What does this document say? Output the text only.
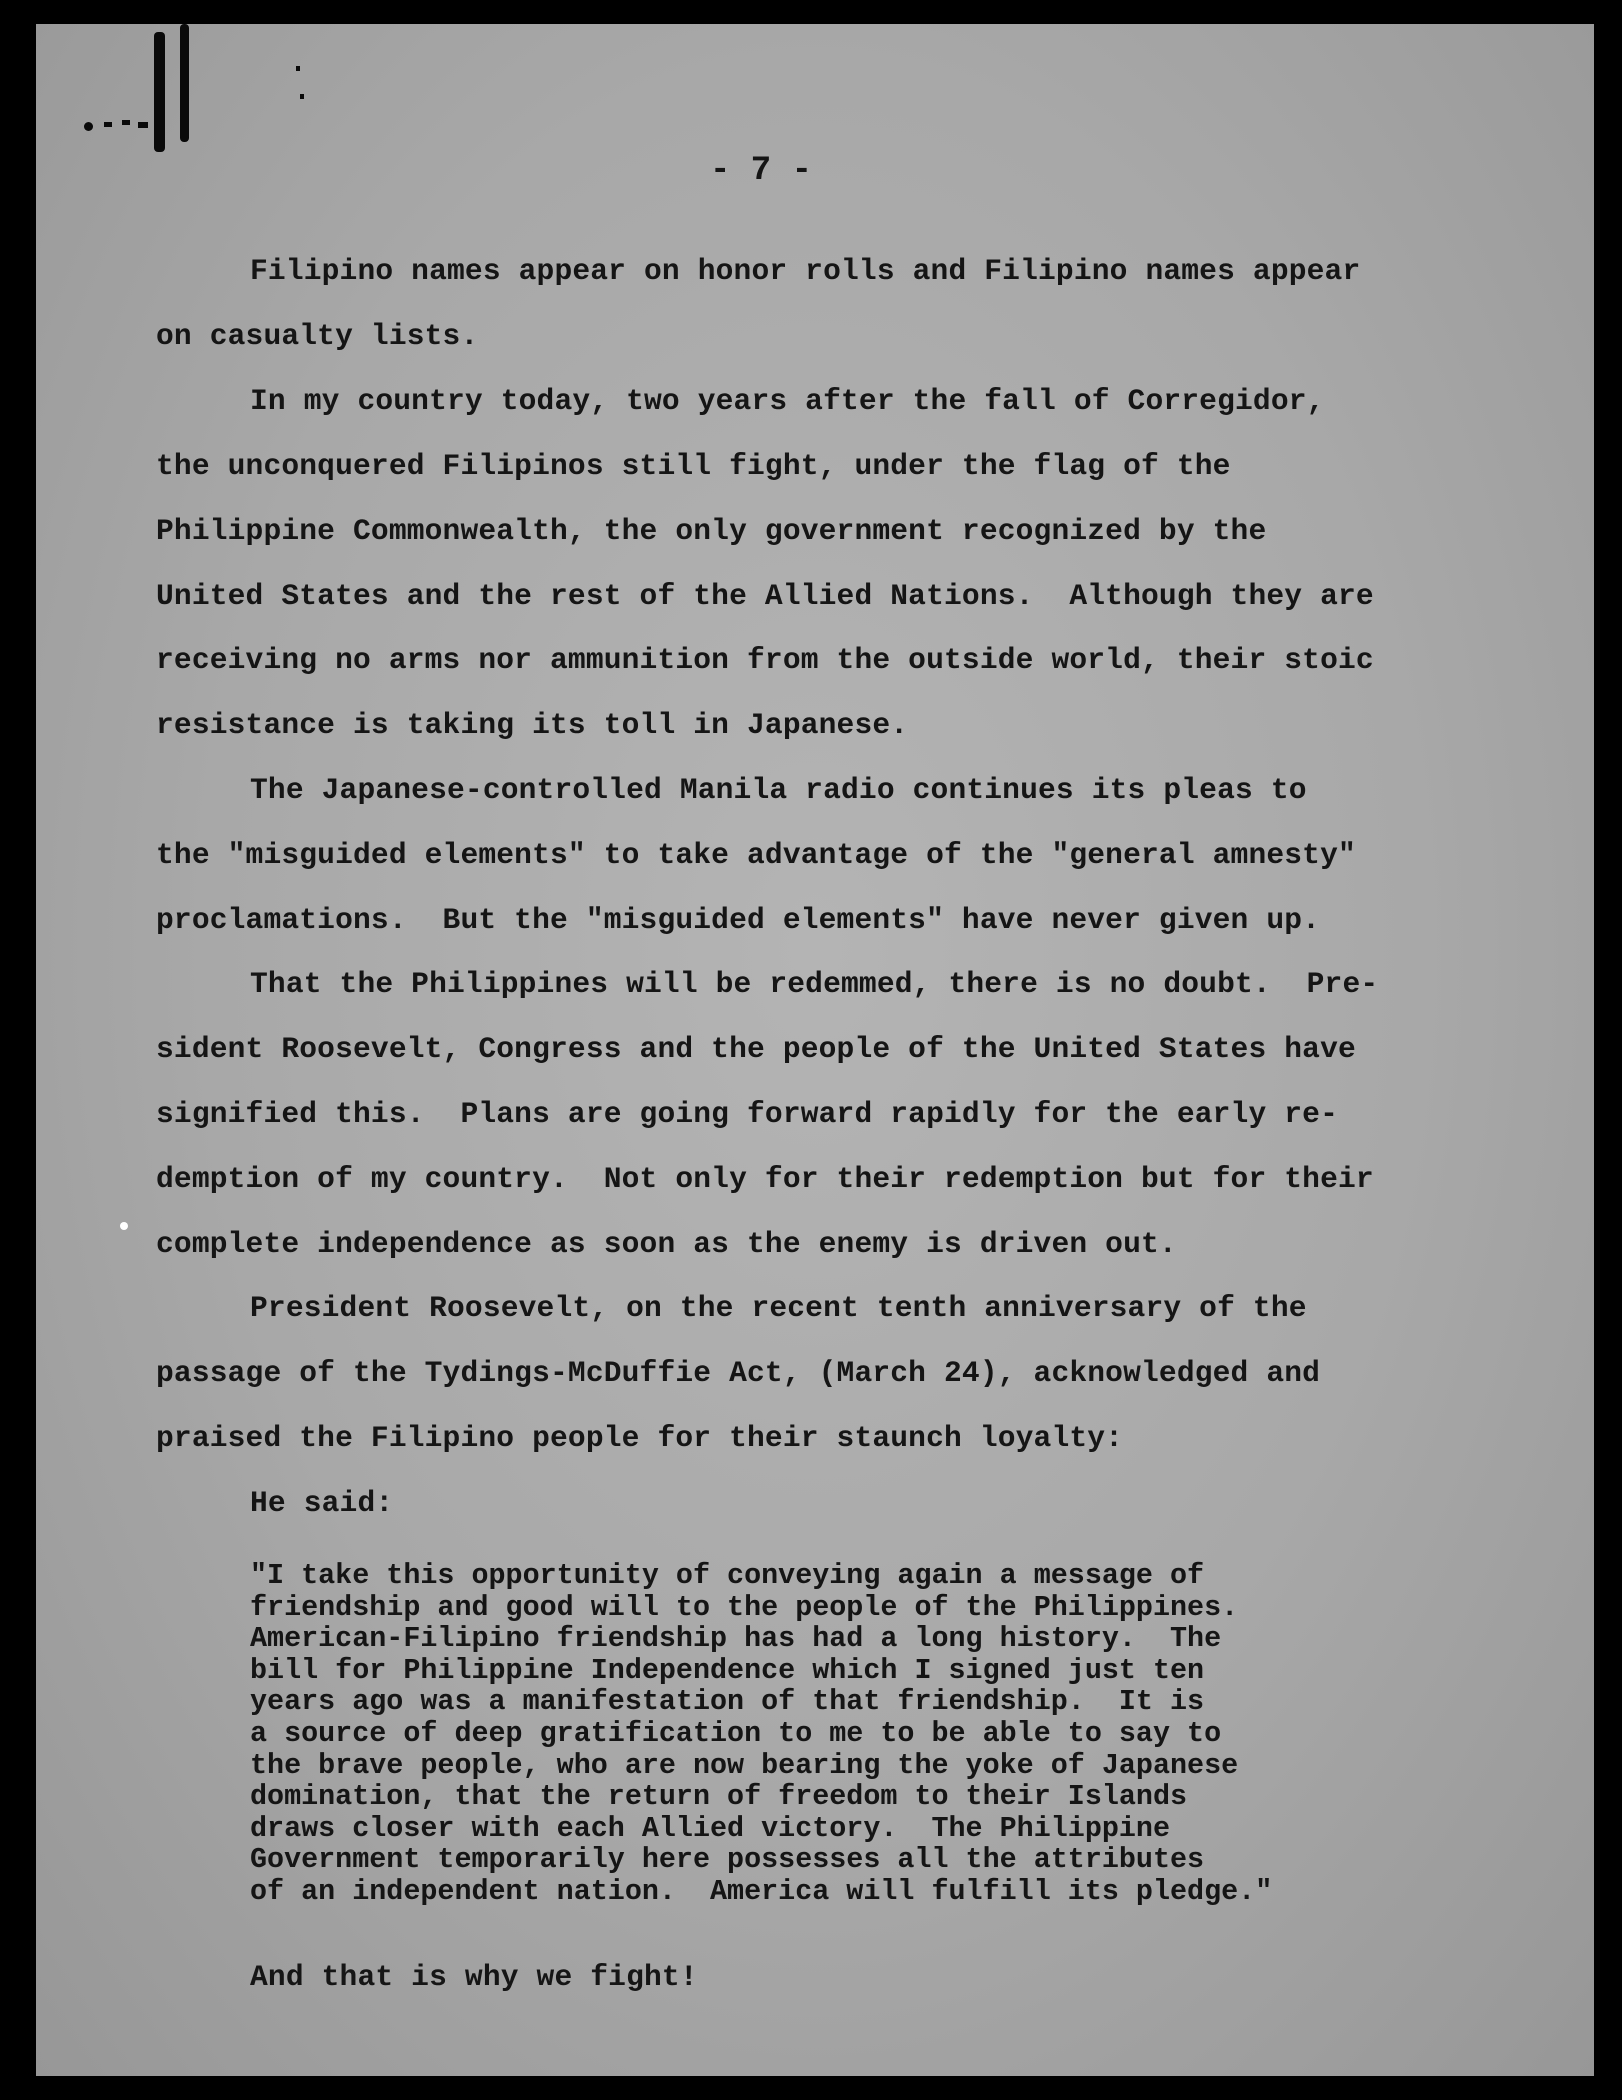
- 7 -
Filipino names appear on honor rolls and Filipino names appear
on casualty lists.
In my country today, two years after the fall of Corregidor,
the unconquered Filipinos still fight, under the flag of the
Philippine Commonwealth, the only government recognized by the
United States and the rest of the Allied Nations.  Although they are
receiving no arms nor ammunition from the outside world, their stoic
resistance is taking its toll in Japanese.
The Japanese-controlled Manila radio continues its pleas to
the "misguided elements" to take advantage of the "general amnesty"
proclamations.  But the "misguided elements" have never given up.
That the Philippines will be redemmed, there is no doubt.  Pre-
sident Roosevelt, Congress and the people of the United States have
signified this.  Plans are going forward rapidly for the early re-
demption of my country.  Not only for their redemption but for their
complete independence as soon as the enemy is driven out.
President Roosevelt, on the recent tenth anniversary of the
passage of the Tydings-McDuffie Act, (March 24), acknowledged and
praised the Filipino people for their staunch loyalty:
He said:
"I take this opportunity of conveying again a message of
friendship and good will to the people of the Philippines.
American-Filipino friendship has had a long history.  The
bill for Philippine Independence which I signed just ten
years ago was a manifestation of that friendship.  It is
a source of deep gratification to me to be able to say to
the brave people, who are now bearing the yoke of Japanese
domination, that the return of freedom to their Islands
draws closer with each Allied victory.  The Philippine
Government temporarily here possesses all the attributes
of an independent nation.  America will fulfill its pledge."
And that is why we fight!
